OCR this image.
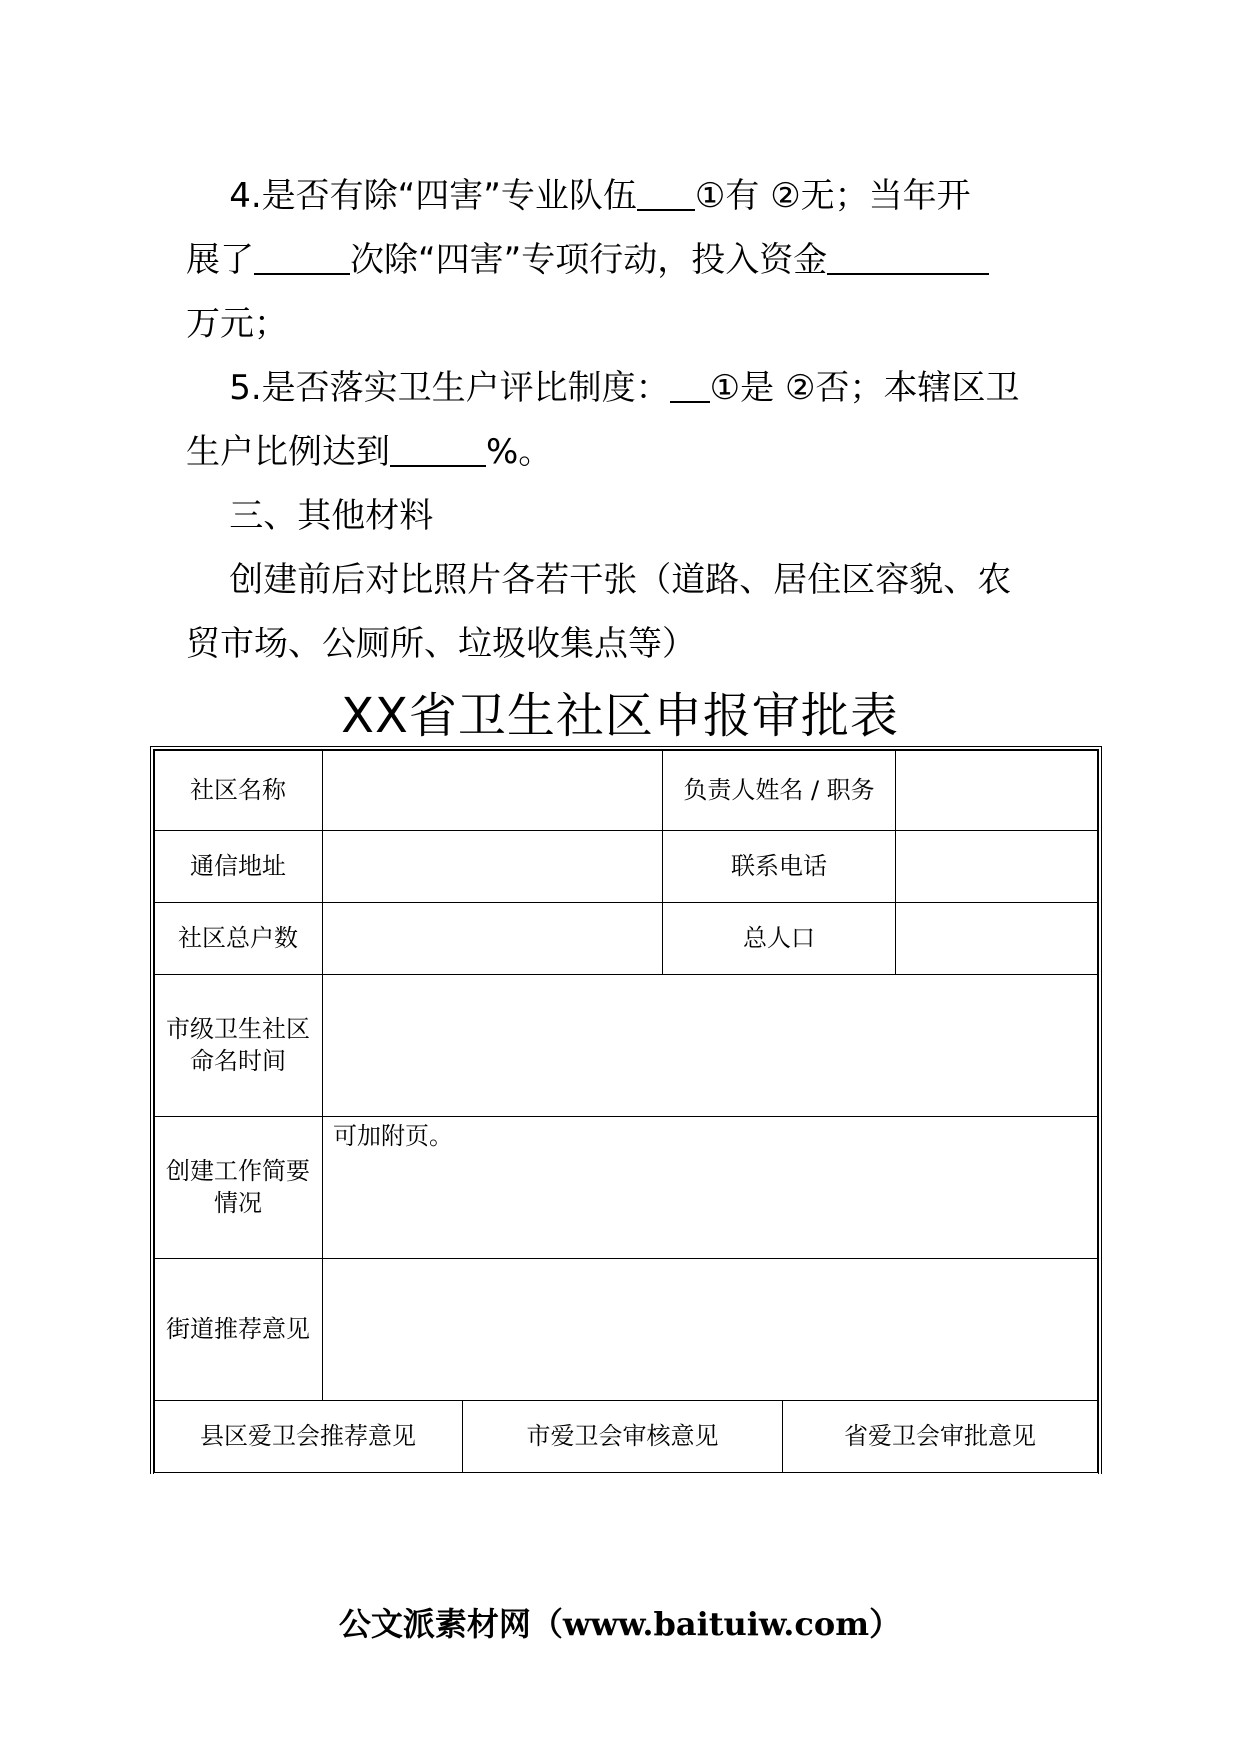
4.是否有除“四害”专业队伍 ①有 ②无；当年开
展了	次除“四害”专项行动，投入资金
万元；
5.是否落实卫生户评比制度： ①是 ②否；本辖区卫
生户比例达到	%。
三、其他材料
创建前后对比照片各若干张（道路、居住区容貌、农
贸市场、公厕所、垃圾收集点等）
XX省卫生社区申报审批表
社区名称	负责人姓名 / 职务
通信地址	联系电话
社区总户数	总人口
市级卫生社区命名时间
创建工作简要情况
可加附页。
街道推荐意见
县区爱卫会推荐意见	市爱卫会审核意见	省爱卫会审批意见
公文派素材网（www.baituiw.com）
